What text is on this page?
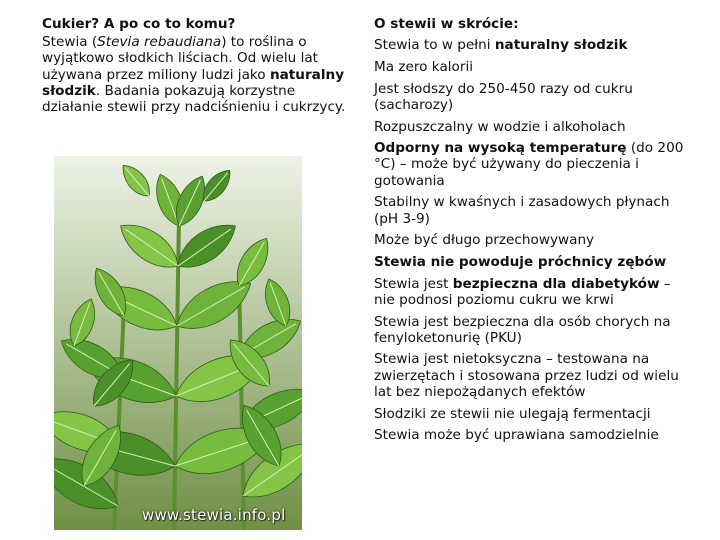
Cukier? A po co to komu?

Stewia (Stevia rebaudiana) to roślina o wyjątkowo słodkich liściach. Od wielu lat używana przez miliony ludzi jako naturalny słodzik. Badania pokazują korzystne działanie stewii przy nadciśnieniu i cukrzycy.

www.stewia.info.pl
O stewii w skrócie:
Stewia to w pełni naturalny słodzik
Ma zero kalorii
Jest słodszy do 250-450 razy od cukru (sacharozy)
Rozpuszczalny w wodzie i alkoholach
Odporny na wysoką temperaturę (do 200 °C) – może być używany do pieczenia i gotowania
Stabilny w kwaśnych i zasadowych płynach (pH 3-9)
Może być długo przechowywany
Stewia nie powoduje próchnicy zębów
Stewia jest bezpieczna dla diabetyków – nie podnosi poziomu cukru we krwi
Stewia jest bezpieczna dla osób chorych na fenyloketonurię (PKU)
Stewia jest nietoksyczna – testowana na zwierzętach i stosowana przez ludzi od wielu lat bez niepożądanych efektów
Słodziki ze stewii nie ulegają fermentacji
Stewia może być uprawiana samodzielnie
